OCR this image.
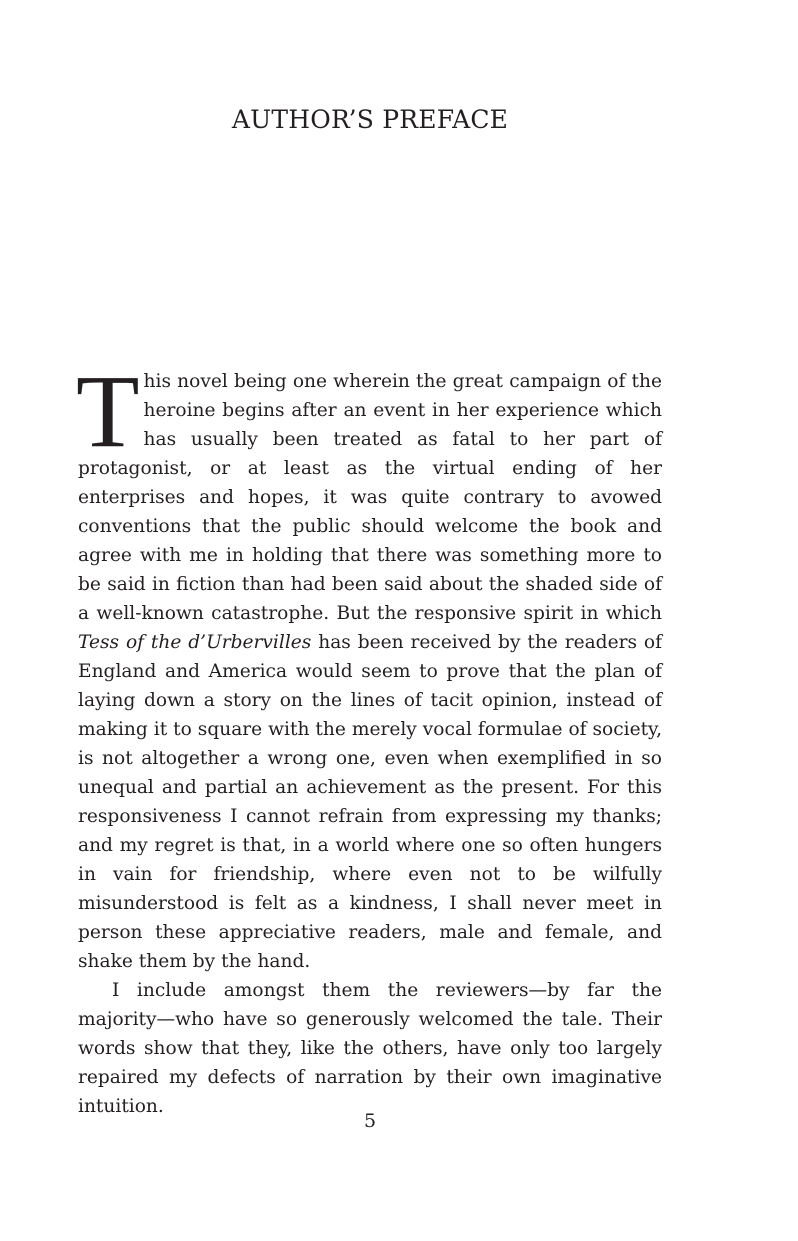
AUTHOR’S PREFACE

This novel being one wherein the great campaign of the heroine begins after an event in her experience which has usually been treated as fatal to her part of protagonist, or at least as the virtual ending of her enterprises and hopes, it was quite contrary to avowed conventions that the public should welcome the book and agree with me in holding that there was something more to be said in fiction than had been said about the shaded side of a well-known catastrophe. But the responsive spirit in which Tess of the d’Urbervilles has been received by the readers of England and America would seem to prove that the plan of laying down a story on the lines of tacit opinion, instead of making it to square with the merely vocal formulae of society, is not altogether a wrong one, even when exemplified in so unequal and partial an achievement as the present. For this responsiveness I cannot refrain from expressing my thanks; and my regret is that, in a world where one so often hungers in vain for friendship, where even not to be wilfully misunderstood is felt as a kindness, I shall never meet in person these appreciative readers, male and female, and shake them by the hand.

I include amongst them the reviewers—by far the majority—who have so generously welcomed the tale. Their words show that they, like the others, have only too largely repaired my defects of narration by their own imaginative intuition.

5
